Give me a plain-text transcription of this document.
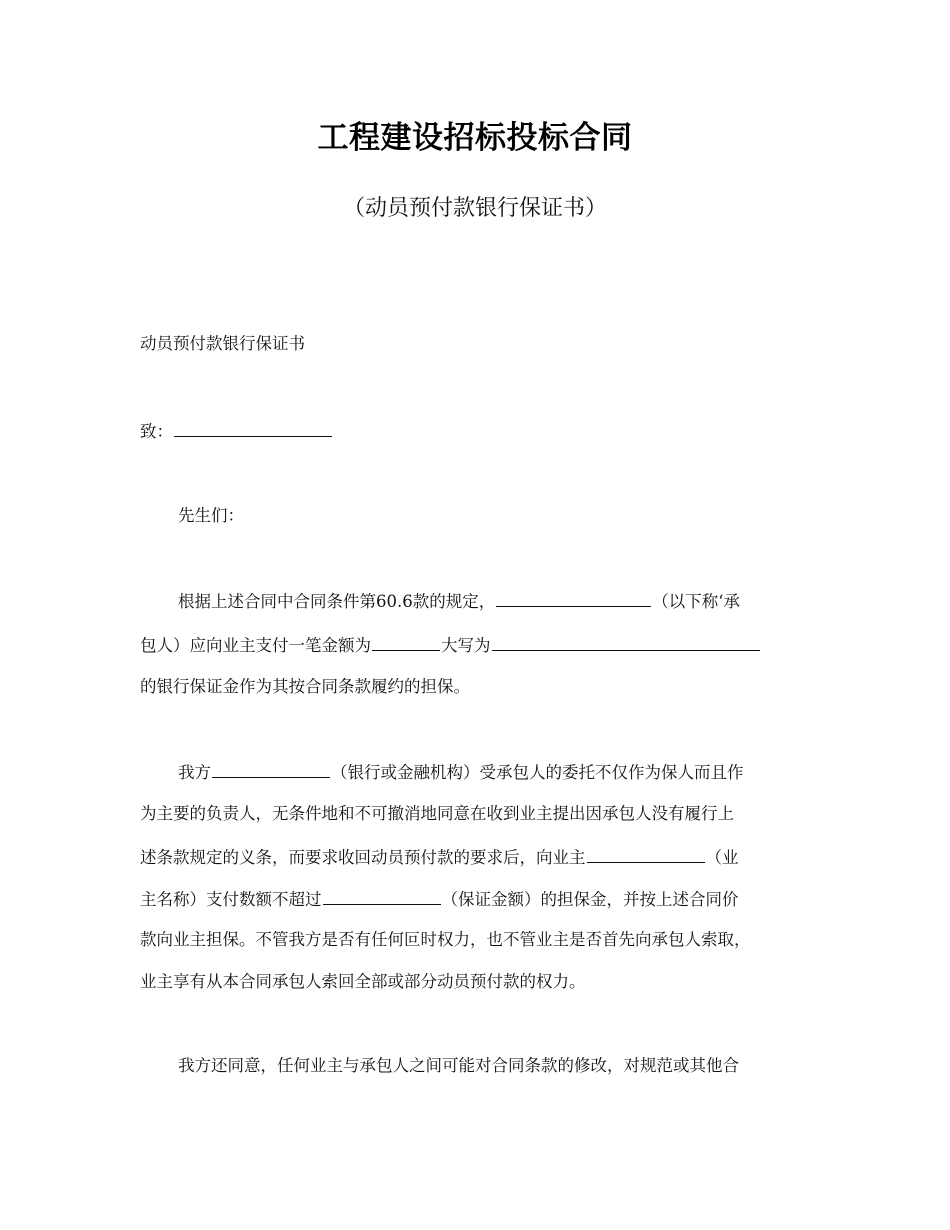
工程建设招标投标合同
（动员预付款银行保证书）
动员预付款银行保证书
致：
先生们：
根据上述合同中合同条件第60.6款的规定，	（以下称‘承
包人）应向业主支付一笔金额为	大写为
的银行保证金作为其按合同条款履约的担保。
我方	（银行或金融机构）受承包人的委托不仅作为保人而且作
为主要的负责人，无条件地和不可撤消地同意在收到业主提出因承包人没有履行上
述条款规定的义条，而要求收回动员预付款的要求后，向业主	（业
主名称）支付数额不超过	（保证金额）的担保金，并按上述合同价
款向业主担保。不管我方是否有任何叵时权力，也不管业主是否首先向承包人索取，
业主享有从本合同承包人索回全部或部分动员预付款的权力。
我方还同意，任何业主与承包人之间可能对合同条款的修改，对规范或其他合
